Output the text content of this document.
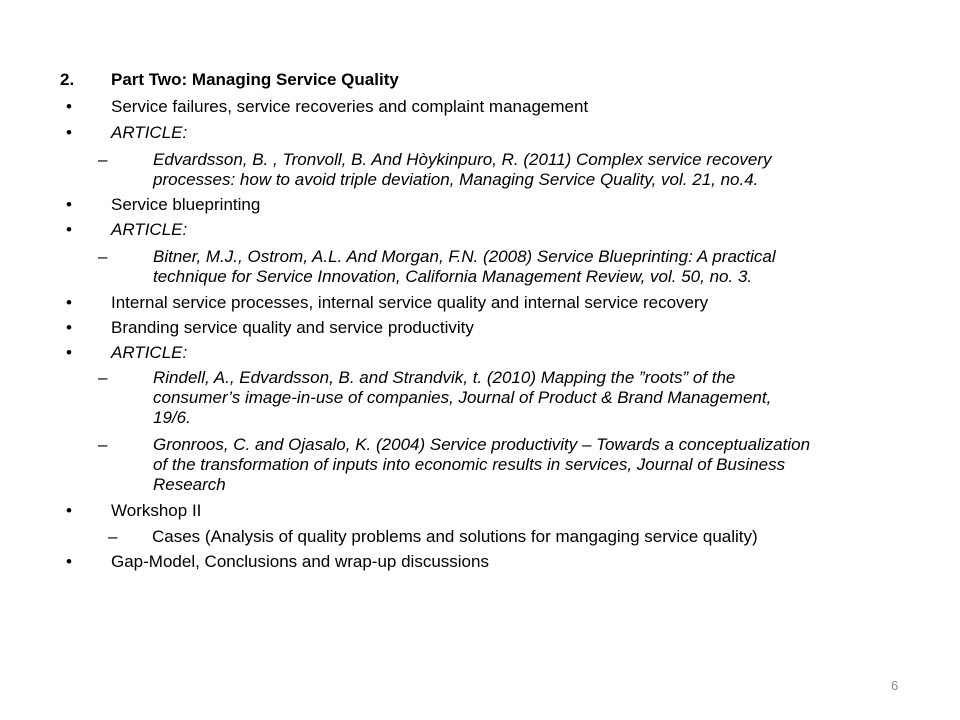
2. Part Two: Managing Service Quality
• Service failures, service recoveries and complaint management
• ARTICLE:
–	Edvardsson, B. , Tronvoll, B. And Hòykinpuro, R. (2011) Complex service recovery
processes: how to avoid triple deviation, Managing Service Quality, vol. 21, no.4.
• Service blueprinting
• ARTICLE:
–	Bitner, M.J., Ostrom, A.L. And Morgan, F.N. (2008) Service Blueprinting: A practical
technique for Service Innovation, California Management Review, vol. 50, no. 3.
• Internal service processes, internal service quality and internal service recovery
• Branding service quality and service productivity
• ARTICLE:
–	Rindell, A., Edvardsson, B. and Strandvik, t. (2010) Mapping the ”roots” of the
consumer’s image-in-use of companies, Journal of Product & Brand Management,
19/6.
–	Gronroos, C. and Ojasalo, K. (2004) Service productivity – Towards a conceptualization
of the transformation of inputs into economic results in services, Journal of Business
Research
• Workshop II
– Cases (Analysis of quality problems and solutions for mangaging service quality)
• Gap-Model, Conclusions and wrap-up discussions
6
